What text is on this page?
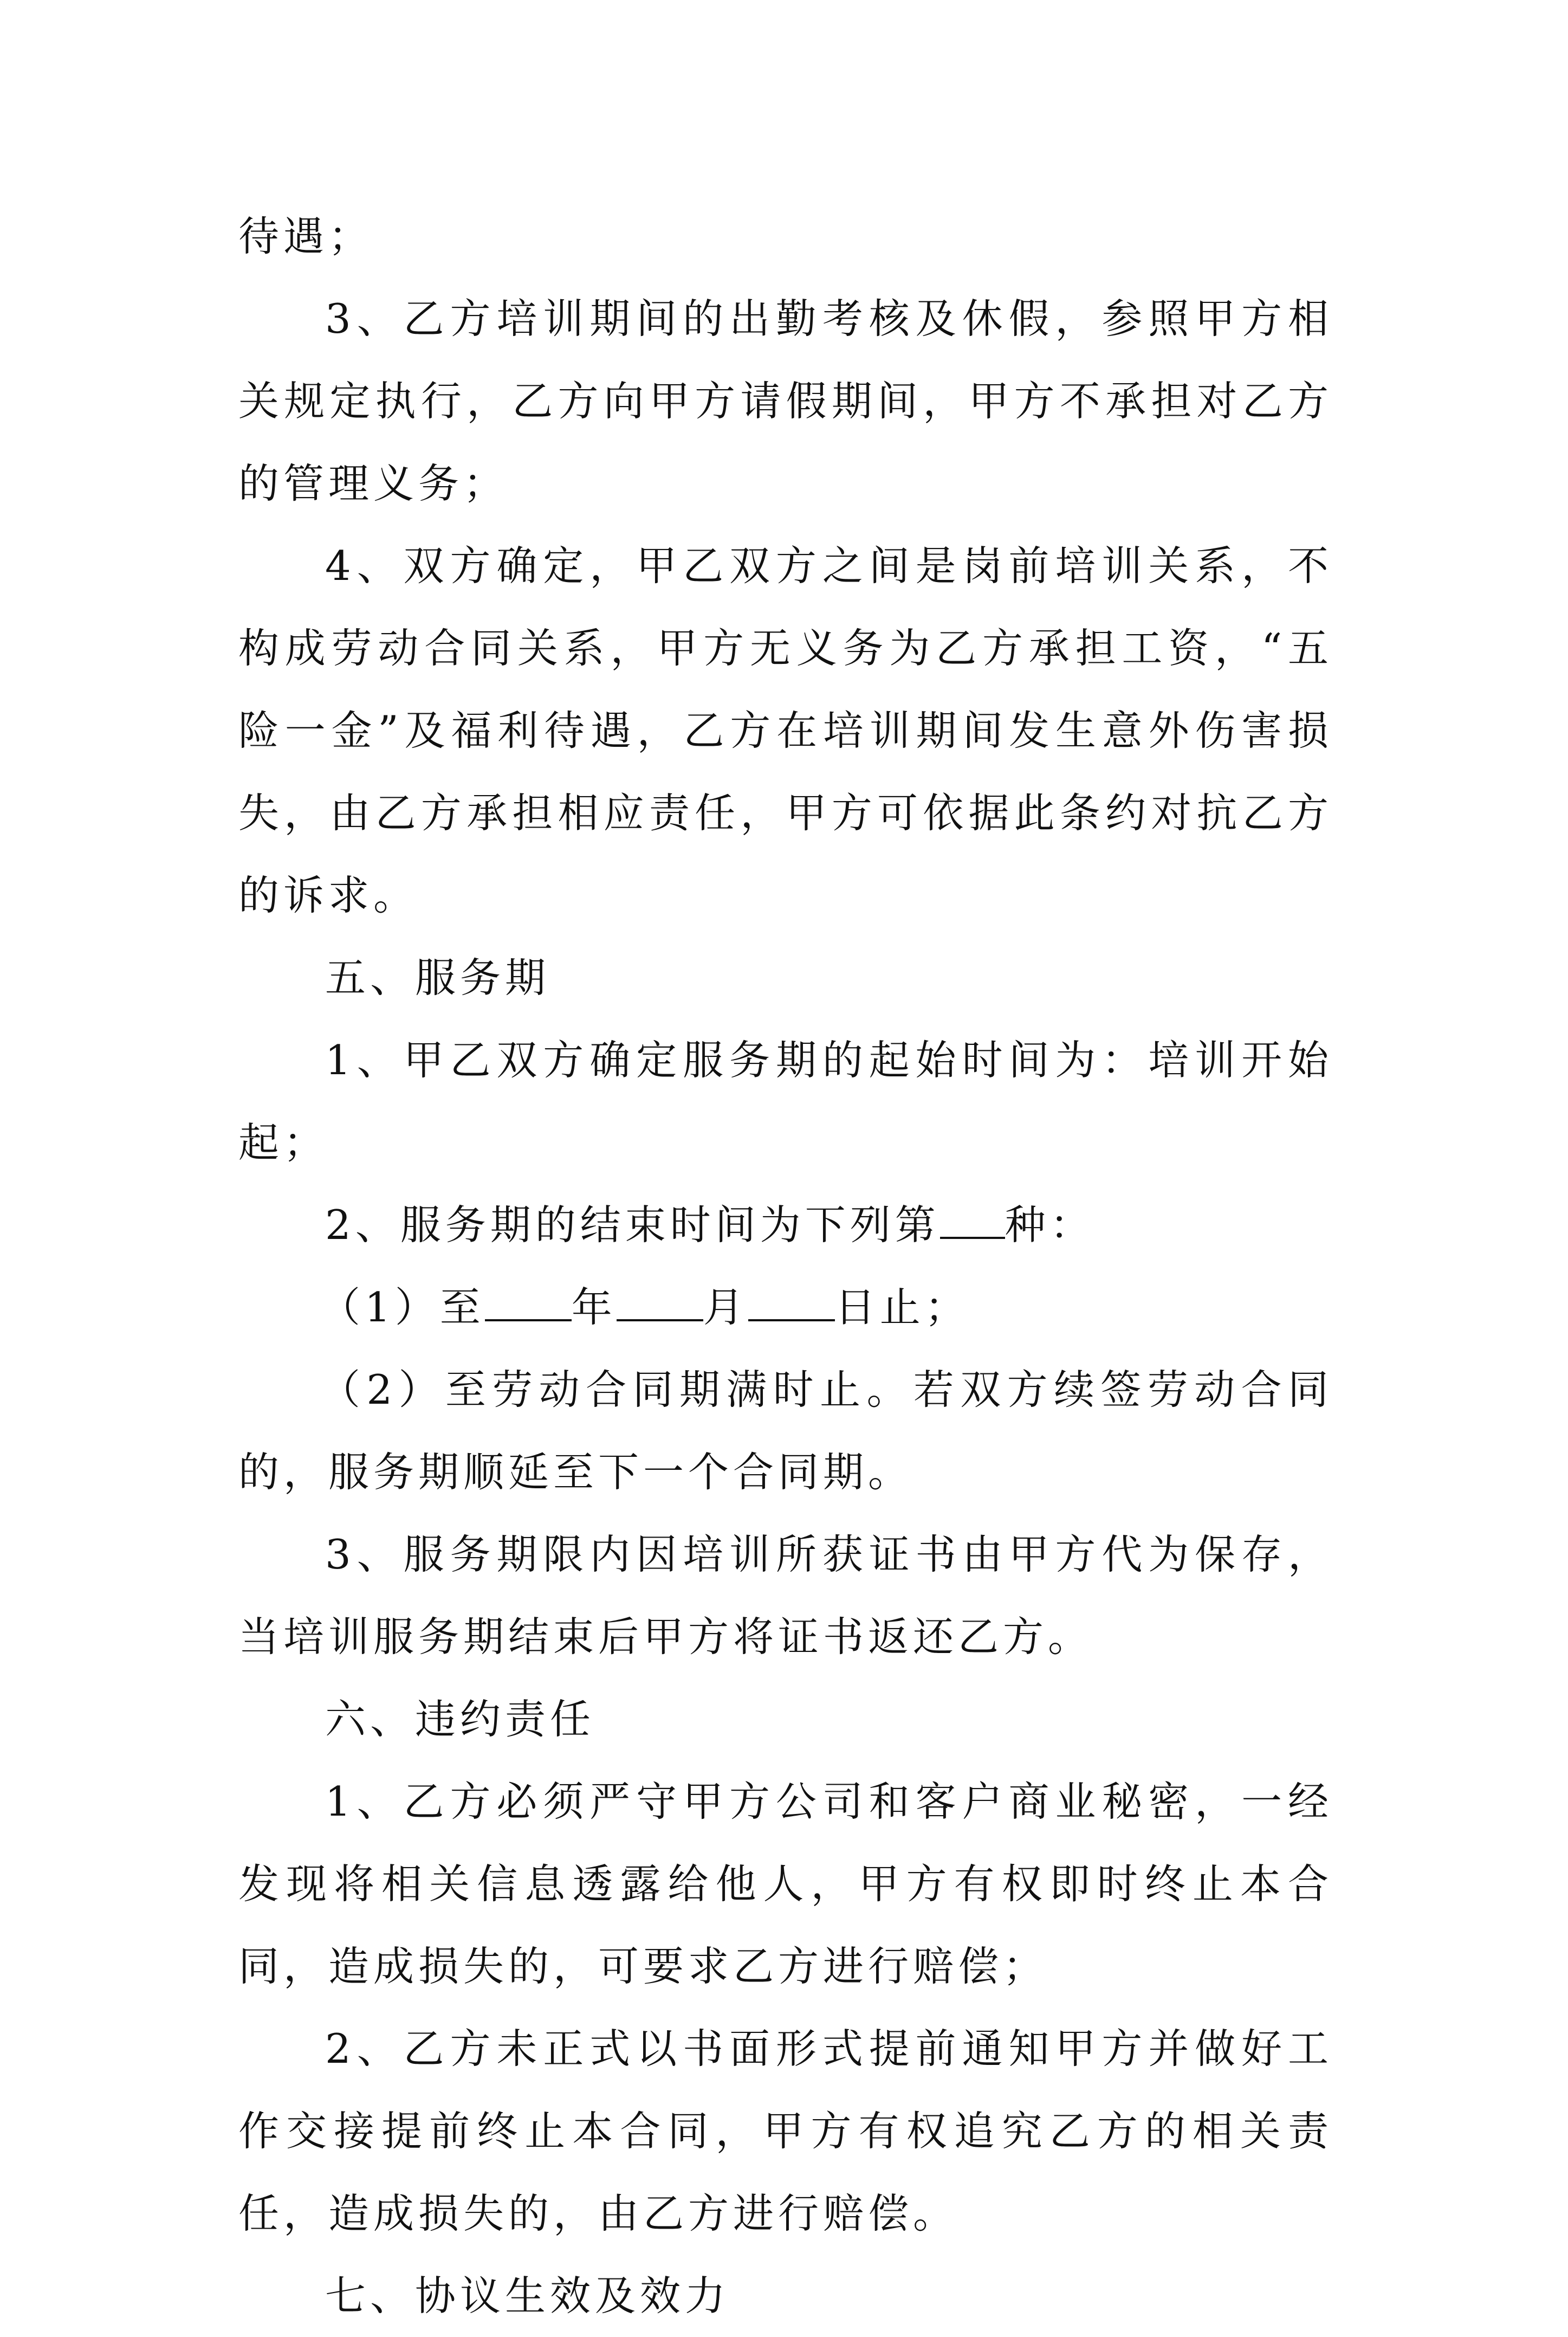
待遇；

3、乙方培训期间的出勤考核及休假，参照甲方相关规定执行，乙方向甲方请假期间，甲方不承担对乙方的管理义务；

4、双方确定，甲乙双方之间是岗前培训关系，不构成劳动合同关系，甲方无义务为乙方承担工资，“五险一金”及福利待遇，乙方在培训期间发生意外伤害损失，由乙方承担相应责任，甲方可依据此条约对抗乙方的诉求。

五、服务期

1、甲乙双方确定服务期的起始时间为：培训开始起；

2、服务期的结束时间为下列第 种：

（1）至 年 月 日止；

（2）至劳动合同期满时止。若双方续签劳动合同的，服务期顺延至下一个合同期。

3、服务期限内因培训所获证书由甲方代为保存，当培训服务期结束后甲方将证书返还乙方。

六、违约责任

1、乙方必须严守甲方公司和客户商业秘密，一经发现将相关信息透露给他人，甲方有权即时终止本合同，造成损失的，可要求乙方进行赔偿；

2、乙方未正式以书面形式提前通知甲方并做好工作交接提前终止本合同，甲方有权追究乙方的相关责任，造成损失的，由乙方进行赔偿。

七、协议生效及效力
